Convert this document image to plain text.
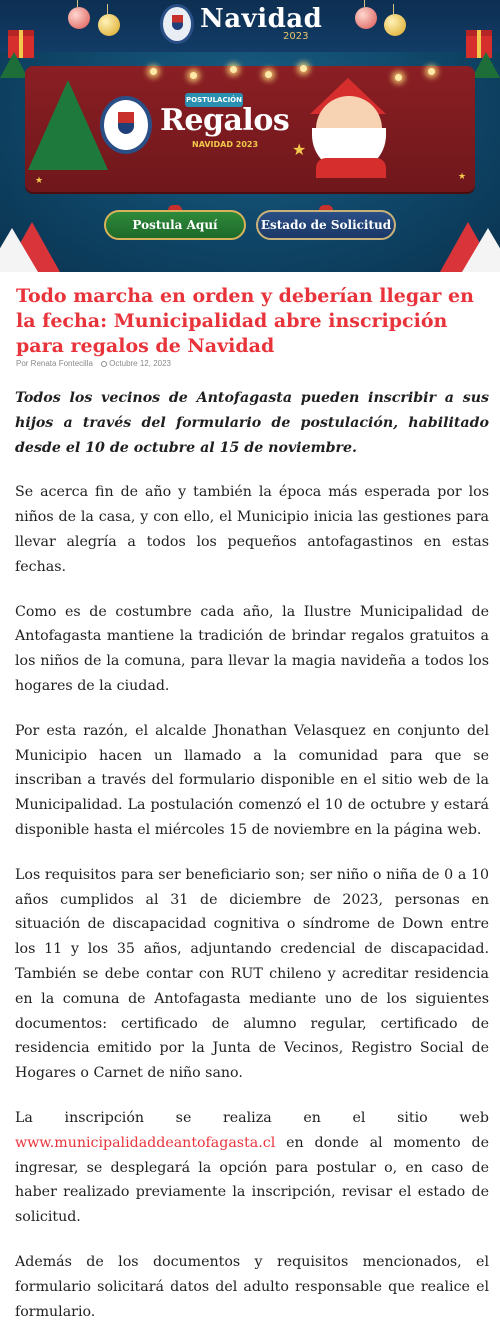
Navidad
2023
POSTULACIÓN
Regalos
NAVIDAD 2023 ★
★	★
Postula Aquí	Estado de Solicitud
Todo marcha en orden y deberían llegar en la fecha: Municipalidad abre inscripción para regalos de Navidad
Por Renata Fontecilla Octubre 12, 2023

Todos los vecinos de Antofagasta pueden inscribir a sus hijos a través del formulario de postulación, habilitado desde el 10 de octubre al 15 de noviembre.

Se acerca fin de año y también la época más esperada por los niños de la casa, y con ello, el Municipio inicia las gestiones para llevar alegría a todos los pequeños antofagastinos en estas fechas.

Como es de costumbre cada año, la Ilustre Municipalidad de Antofagasta mantiene la tradición de brindar regalos gratuitos a los niños de la comuna, para llevar la magia navideña a todos los hogares de la ciudad.

Por esta razón, el alcalde Jhonathan Velasquez en conjunto del Municipio hacen un llamado a la comunidad para que se inscriban a través del formulario disponible en el sitio web de la Municipalidad. La postulación comenzó el 10 de octubre y estará disponible hasta el miércoles 15 de noviembre en la página web.

Los requisitos para ser beneficiario son; ser niño o niña de 0 a 10 años cumplidos al 31 de diciembre de 2023, personas en situación de discapacidad cognitiva o síndrome de Down entre los 11 y los 35 años, adjuntando credencial de discapacidad. También se debe contar con RUT chileno y acreditar residencia en la comuna de Antofagasta mediante uno de los siguientes documentos: certificado de alumno regular, certificado de residencia emitido por la Junta de Vecinos, Registro Social de Hogares o Carnet de niño sano.

La inscripción se realiza en el sitio web www.municipalidaddeantofagasta.cl en donde al momento de ingresar, se desplegará la opción para postular o, en caso de haber realizado previamente la inscripción, revisar el estado de solicitud.

Además de los documentos y requisitos mencionados, el formulario solicitará datos del adulto responsable que realice el formulario.
